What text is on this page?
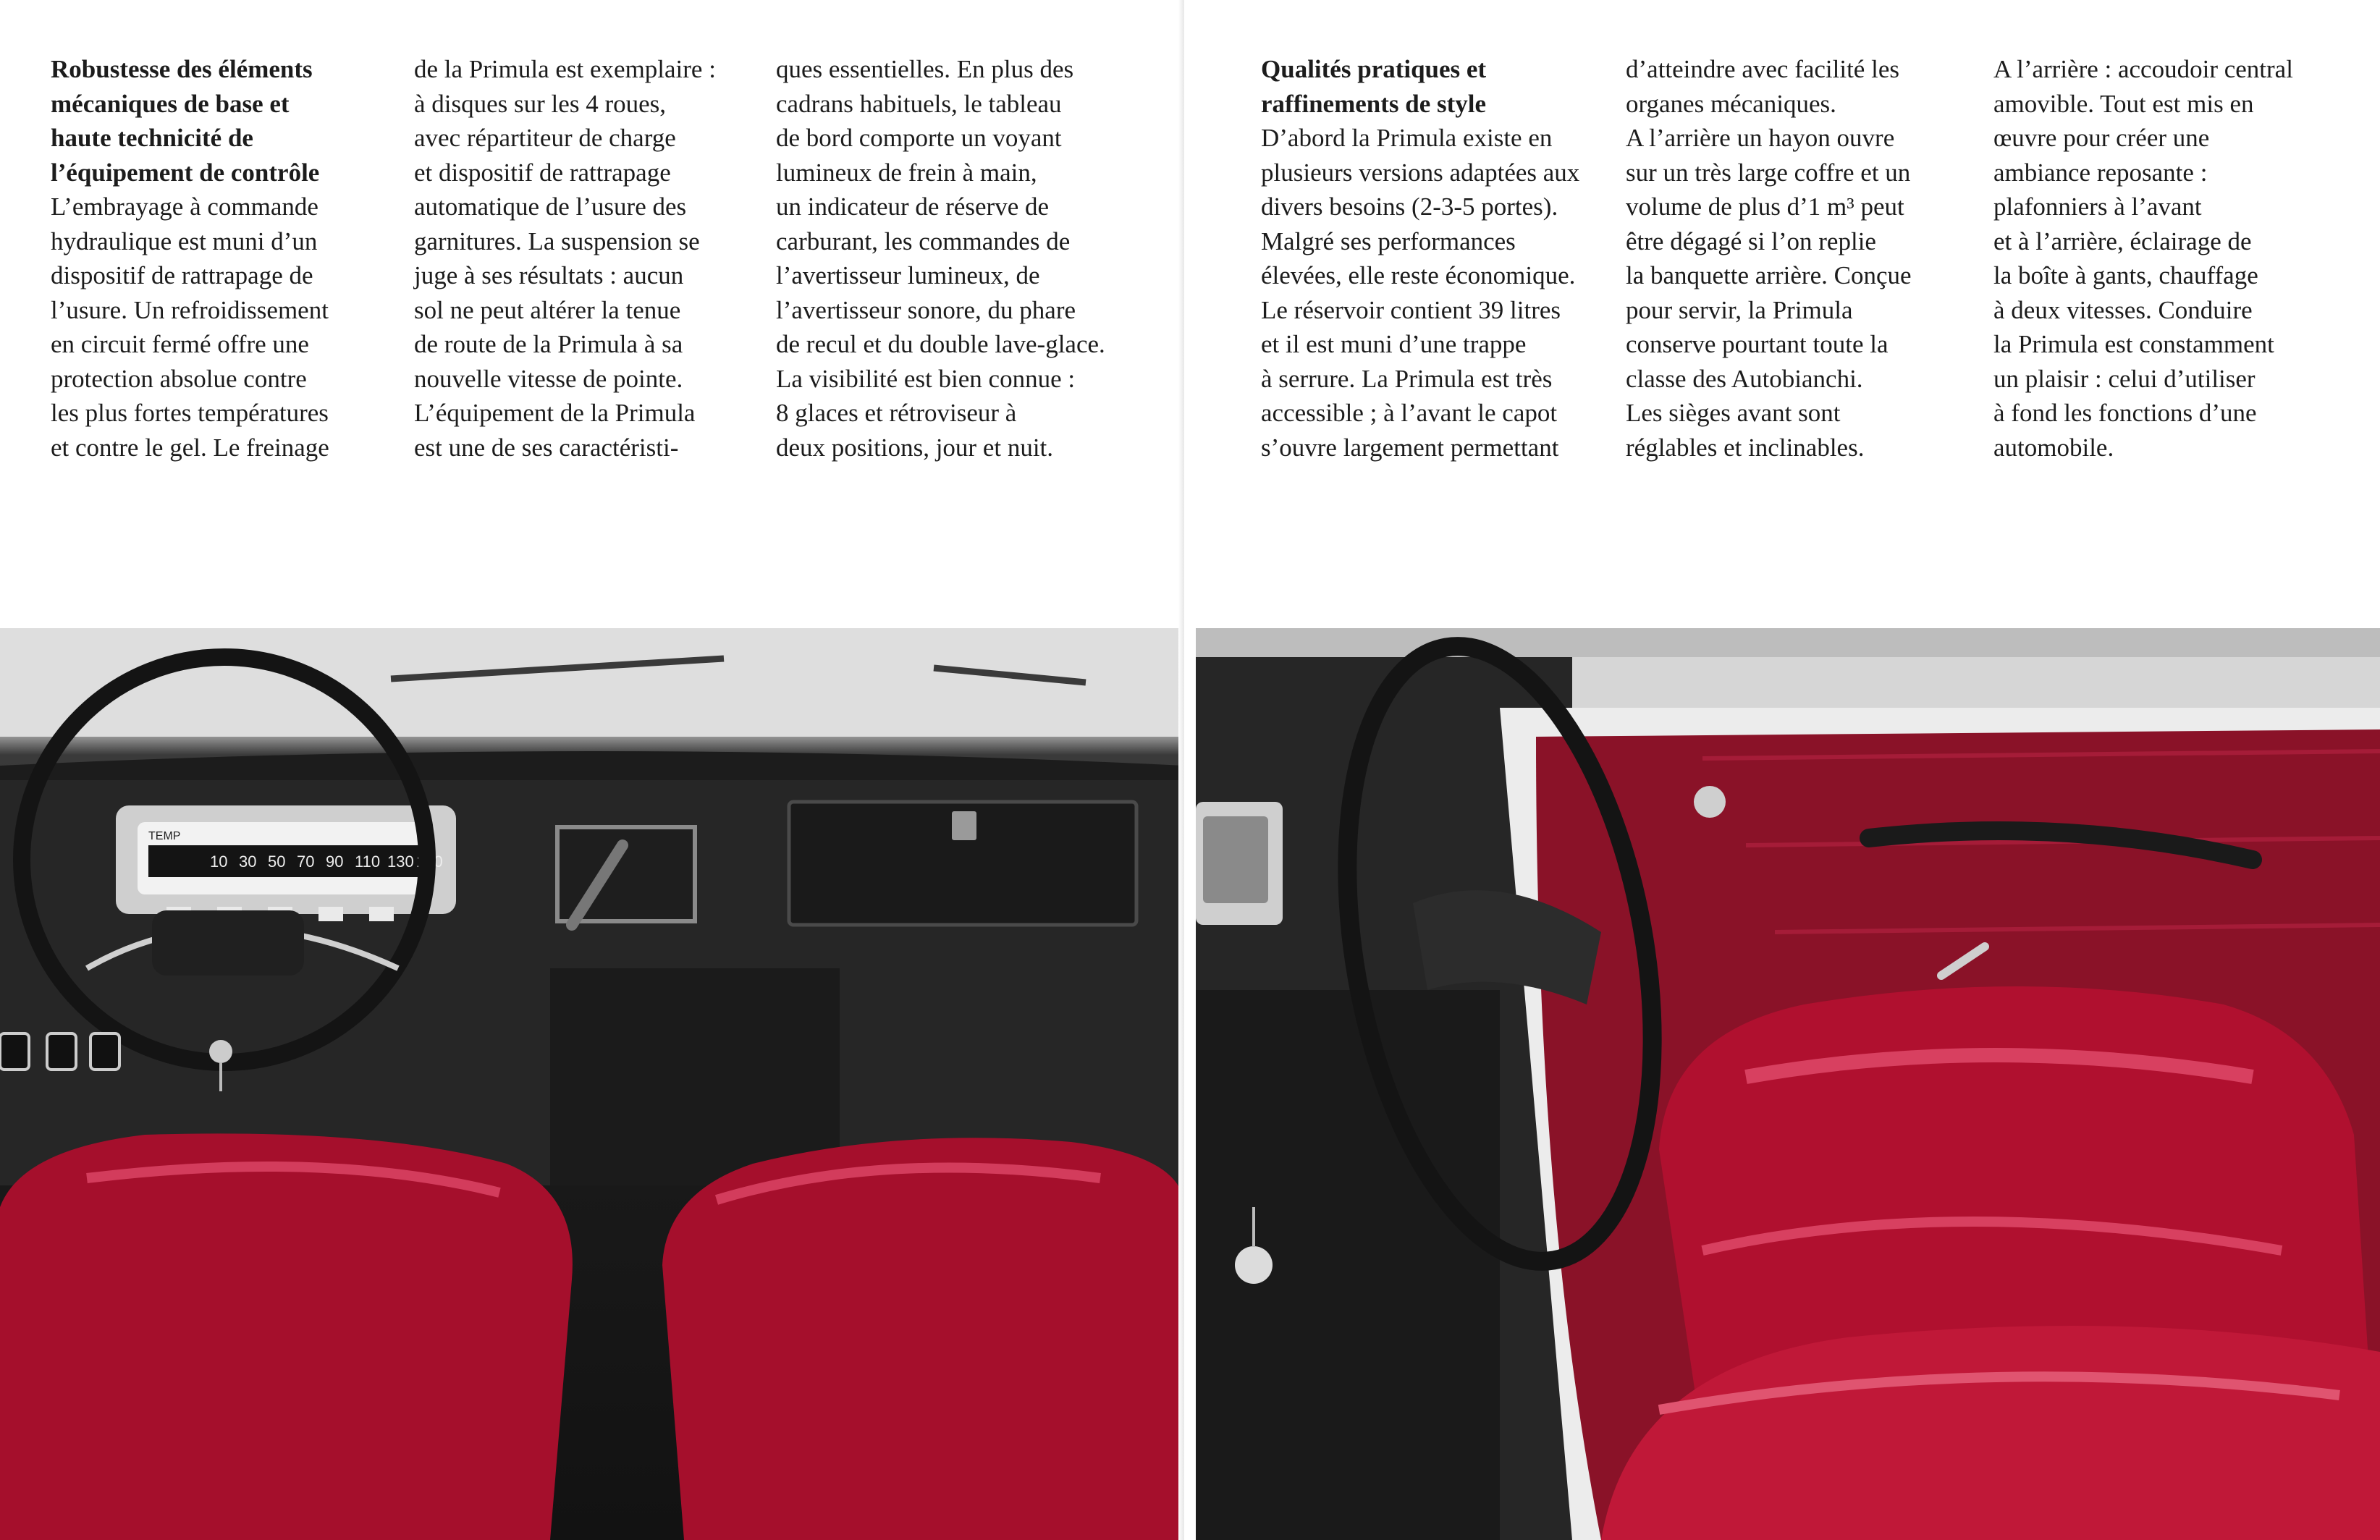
Robustesse des éléments
mécaniques de base et
haute technicité de
l’équipement de contrôle

L’embrayage à commande
hydraulique est muni d’un
dispositif de rattrapage de
l’usure. Un refroidissement
en circuit fermé offre une
protection absolue contre
les plus fortes températures
et contre le gel. Le freinage

de la Primula est exemplaire :
à disques sur les 4 roues,
avec répartiteur de charge
et dispositif de rattrapage
automatique de l’usure des
garnitures. La suspension se
juge à ses résultats : aucun
sol ne peut altérer la tenue
de route de la Primula à sa
nouvelle vitesse de pointe.
L’équipement de la Primula
est une de ses caractéristi-

ques essentielles. En plus des
cadrans habituels, le tableau
de bord comporte un voyant
lumineux de frein à main,
un indicateur de réserve de
carburant, les commandes de
l’avertisseur lumineux, de
l’avertisseur sonore, du phare
de recul et du double lave-glace.
La visibilité est bien connue :
8 glaces et rétroviseur à
deux positions, jour et nuit.

TEMP
10 30 50 70 90 110 130 150

Qualités pratiques et
raffinements de style

D’abord la Primula existe en
plusieurs versions adaptées aux
divers besoins (2-3-5 portes).
Malgré ses performances
élevées, elle reste économique.
Le réservoir contient 39 litres
et il est muni d’une trappe
à serrure. La Primula est très
accessible ; à l’avant le capot
s’ouvre largement permettant

d’atteindre avec facilité les
organes mécaniques.
A l’arrière un hayon ouvre
sur un très large coffre et un
volume de plus d’1 m³ peut
être dégagé si l’on replie
la banquette arrière. Conçue
pour servir, la Primula
conserve pourtant toute la
classe des Autobianchi.
Les sièges avant sont
réglables et inclinables.

A l’arrière : accoudoir central
amovible. Tout est mis en
œuvre pour créer une
ambiance reposante :
plafonniers à l’avant
et à l’arrière, éclairage de
la boîte à gants, chauffage
à deux vitesses. Conduire
la Primula est constamment
un plaisir : celui d’utiliser
à fond les fonctions d’une
automobile.
